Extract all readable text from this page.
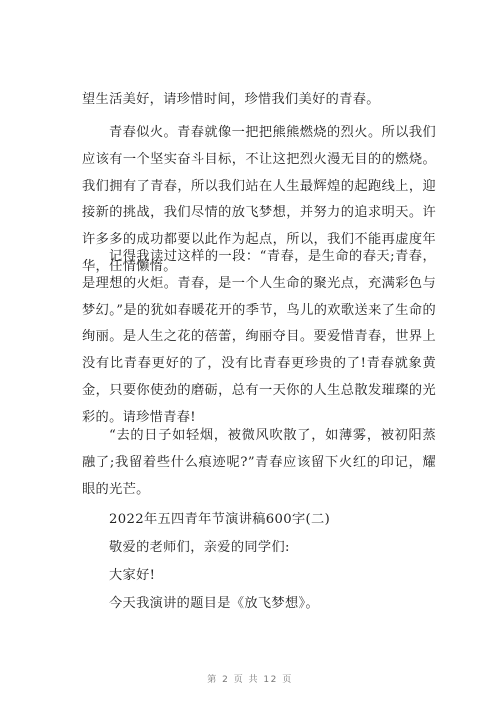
望生活美好，请珍惜时间，珍惜我们美好的青春。

青春似火。青春就像一把把熊熊燃烧的烈火。所以我们应该有一个坚实奋斗目标，不让这把烈火漫无目的的燃烧。我们拥有了青春，所以我们站在人生最辉煌的起跑线上，迎接新的挑战，我们尽情的放飞梦想，并努力的追求明天。许许多多的成功都要以此作为起点，所以，我们不能再虚度年华，任情懒惰。

记得我读过这样的一段：“青春，是生命的春天;青春，是理想的火炬。青春，是一个人生命的聚光点，充满彩色与梦幻。”是的犹如春暖花开的季节，鸟儿的欢歌送来了生命的绚丽。是人生之花的蓓蕾，绚丽夺目。要爱惜青春，世界上没有比青春更好的了，没有比青春更珍贵的了!青春就象黄金，只要你使劲的磨砺，总有一天你的人生总散发璀璨的光彩的。请珍惜青春!

“去的日子如轻烟，被微风吹散了，如薄雾，被初阳蒸融了;我留着些什么痕迹呢?”青春应该留下火红的印记，耀眼的光芒。

2022年五四青年节演讲稿600字(二)
敬爱的老师们，亲爱的同学们:
大家好!
今天我演讲的题目是《放飞梦想》。
第 2 页 共 12 页
